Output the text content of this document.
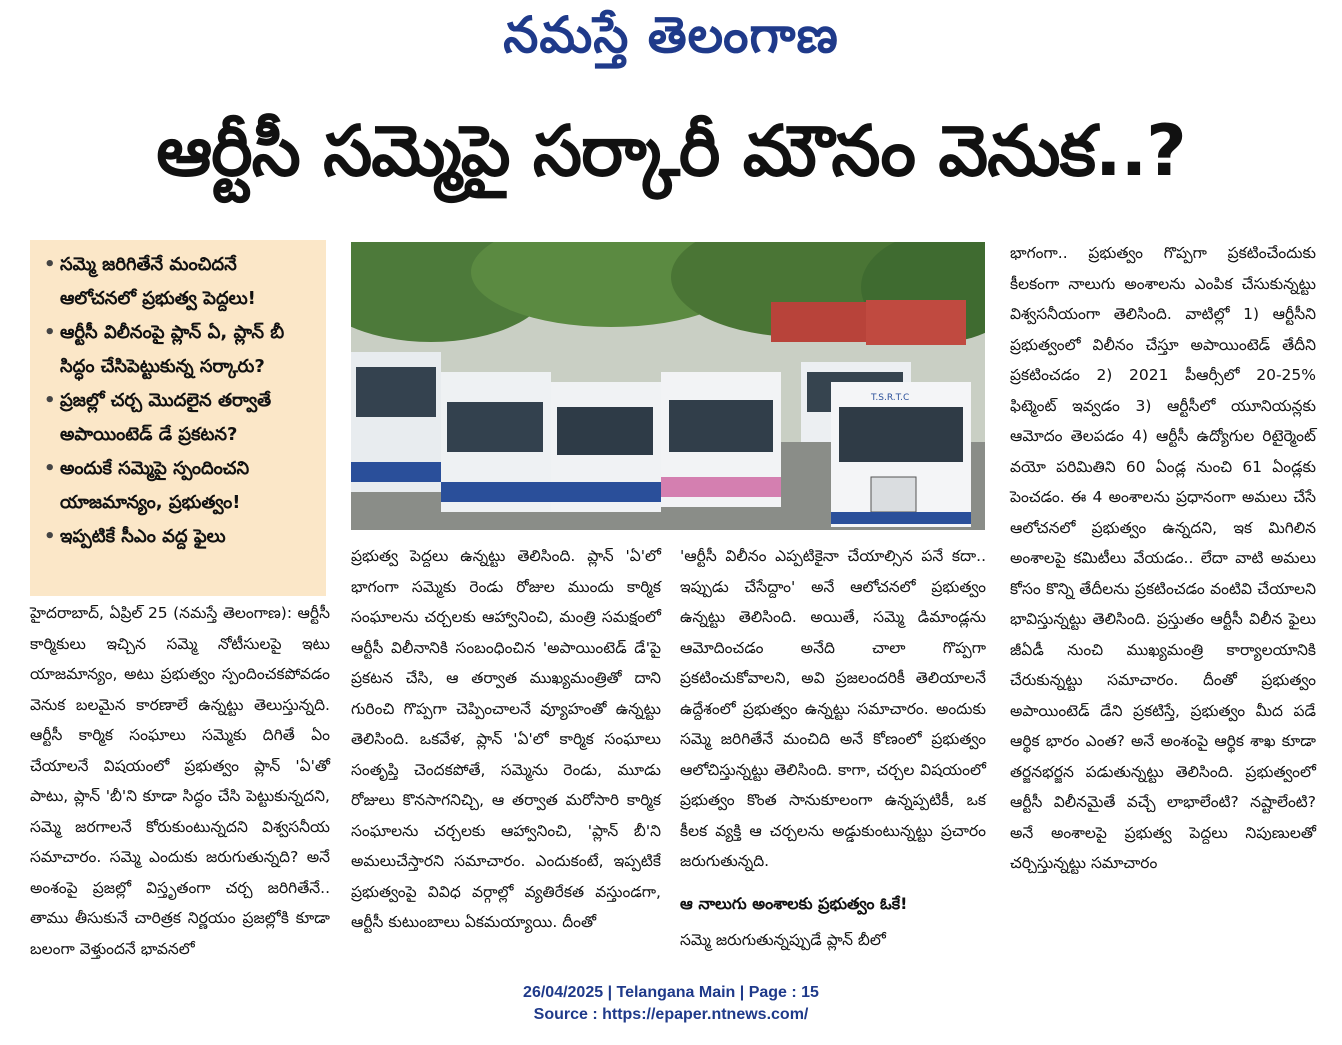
నమస్తే తెలంగాణ
ఆర్టీసీ సమ్మెపై సర్కారీ మౌనం వెనుక..?
• సమ్మె జరిగితేనే మంచిదనే ఆలోచనలో ప్రభుత్వ పెద్దలు!
• ఆర్టీసీ విలీనంపై ప్లాన్ ఏ, ప్లాన్ బీ సిద్ధం చేసిపెట్టుకున్న సర్కారు?
• ప్రజల్లో చర్చ మొదలైన తర్వాతే అపాయింటెడ్ డే ప్రకటన?
• అందుకే సమ్మెపై స్పందించని యాజమాన్యం, ప్రభుత్వం!
• ఇప్పటికే సీఎం వద్ద ఫైలు
T.S.R.T.C

హైదరాబాద్, ఏప్రిల్ 25 (నమస్తే తెలంగాణ): ఆర్టీసీ కార్మికులు ఇచ్చిన సమ్మె నోటీసులపై ఇటు యాజమాన్యం, అటు ప్రభుత్వం స్పందించకపోవడం వెనుక బలమైన కారణాలే ఉన్నట్టు తెలుస్తున్నది. ఆర్టీసీ కార్మిక సంఘాలు సమ్మెకు దిగితే ఏం చేయాలనే విషయంలో ప్రభుత్వం ప్లాన్ 'ఏ'తో పాటు, ప్లాన్ 'బీ'ని కూడా సిద్ధం చేసి పెట్టుకున్నదని, సమ్మె జరగాలనే కోరుకుంటున్నదని విశ్వసనీయ సమాచారం. సమ్మె ఎందుకు జరుగుతున్నది? అనే అంశంపై ప్రజల్లో విస్తృతంగా చర్చ జరిగితేనే.. తాము తీసుకునే చారిత్రక నిర్ణయం ప్రజల్లోకి కూడా బలంగా వెళ్తుందనే భావనలో

ప్రభుత్వ పెద్దలు ఉన్నట్టు తెలిసింది. ప్లాన్ 'ఏ'లో భాగంగా సమ్మెకు రెండు రోజుల ముందు కార్మిక సంఘాలను చర్చలకు ఆహ్వానించి, మంత్రి సమక్షంలో ఆర్టీసీ విలీనానికి సంబంధించిన 'అపాయింటెడ్ డే'పై ప్రకటన చేసి, ఆ తర్వాత ముఖ్యమంత్రితో దాని గురించి గొప్పగా చెప్పించాలనే వ్యూహంతో ఉన్నట్టు తెలిసింది. ఒకవేళ, ప్లాన్ 'ఏ'లో కార్మిక సంఘాలు సంతృప్తి చెందకపోతే, సమ్మెను రెండు, మూడు రోజులు కొనసాగనిచ్చి, ఆ తర్వాత మరోసారి కార్మిక సంఘాలను చర్చలకు ఆహ్వానించి, 'ప్లాన్ బీ'ని అమలుచేస్తారని సమాచారం. ఎందుకంటే, ఇప్పటికే ప్రభుత్వంపై వివిధ వర్గాల్లో వ్యతిరేకత వస్తుండగా, ఆర్టీసీ కుటుంబాలు ఏకమయ్యాయి. దీంతో

'ఆర్టీసీ విలీనం ఎప్పటికైనా చేయాల్సిన పనే కదా.. ఇప్పుడు చేసేద్దాం' అనే ఆలోచనలో ప్రభుత్వం ఉన్నట్టు తెలిసింది. అయితే, సమ్మె డిమాండ్లను ఆమోదించడం అనేది చాలా గొప్పగా ప్రకటించుకోవాలని, అవి ప్రజలందరికీ తెలియాలనే ఉద్దేశంలో ప్రభుత్వం ఉన్నట్టు సమాచారం. అందుకు సమ్మె జరిగితేనే మంచిది అనే కోణంలో ప్రభుత్వం ఆలోచిస్తున్నట్టు తెలిసింది. కాగా, చర్చల విషయంలో ప్రభుత్వం కొంత సానుకూలంగా ఉన్నప్పటికీ, ఒక కీలక వ్యక్తి ఆ చర్చలను అడ్డుకుంటున్నట్టు ప్రచారం జరుగుతున్నది.

ఆ నాలుగు అంశాలకు ప్రభుత్వం ఓకే!

సమ్మె జరుగుతున్నప్పుడే ప్లాన్ బీలో

భాగంగా.. ప్రభుత్వం గొప్పగా ప్రకటించేందుకు కీలకంగా నాలుగు అంశాలను ఎంపిక చేసుకున్నట్టు విశ్వసనీయంగా తెలిసింది. వాటిల్లో 1) ఆర్టీసీని ప్రభుత్వంలో విలీనం చేస్తూ అపాయింటెడ్ తేదీని ప్రకటించడం 2) 2021 పీఆర్సీలో 20-25% ఫిట్మెంట్ ఇవ్వడం 3) ఆర్టీసీలో యూనియన్లకు ఆమోదం తెలపడం 4) ఆర్టీసీ ఉద్యోగుల రిటైర్మెంట్ వయో పరిమితిని 60 ఏండ్ల నుంచి 61 ఏండ్లకు పెంచడం. ఈ 4 అంశాలను ప్రధానంగా అమలు చేసే ఆలోచనలో ప్రభుత్వం ఉన్నదని, ఇక మిగిలిన అంశాలపై కమిటీలు వేయడం.. లేదా వాటి అమలు కోసం కొన్ని తేదీలను ప్రకటించడం వంటివి చేయాలని భావిస్తున్నట్టు తెలిసింది. ప్రస్తుతం ఆర్టీసీ విలీన ఫైలు జీఏడీ నుంచి ముఖ్యమంత్రి కార్యాలయానికి చేరుకున్నట్టు సమాచారం. దీంతో ప్రభుత్వం అపాయింటెడ్ డేని ప్రకటిస్తే, ప్రభుత్వం మీద పడే ఆర్థిక భారం ఎంత? అనే అంశంపై ఆర్థిక శాఖ కూడా తర్జనభర్జన పడుతున్నట్టు తెలిసింది. ప్రభుత్వంలో ఆర్టీసీ విలీనమైతే వచ్చే లాభాలేంటి? నష్టాలేంటి? అనే అంశాలపై ప్రభుత్వ పెద్దలు నిపుణులతో చర్చిస్తున్నట్టు సమాచారం

26/04/2025 | Telangana Main | Page : 15
Source : https://epaper.ntnews.com/
